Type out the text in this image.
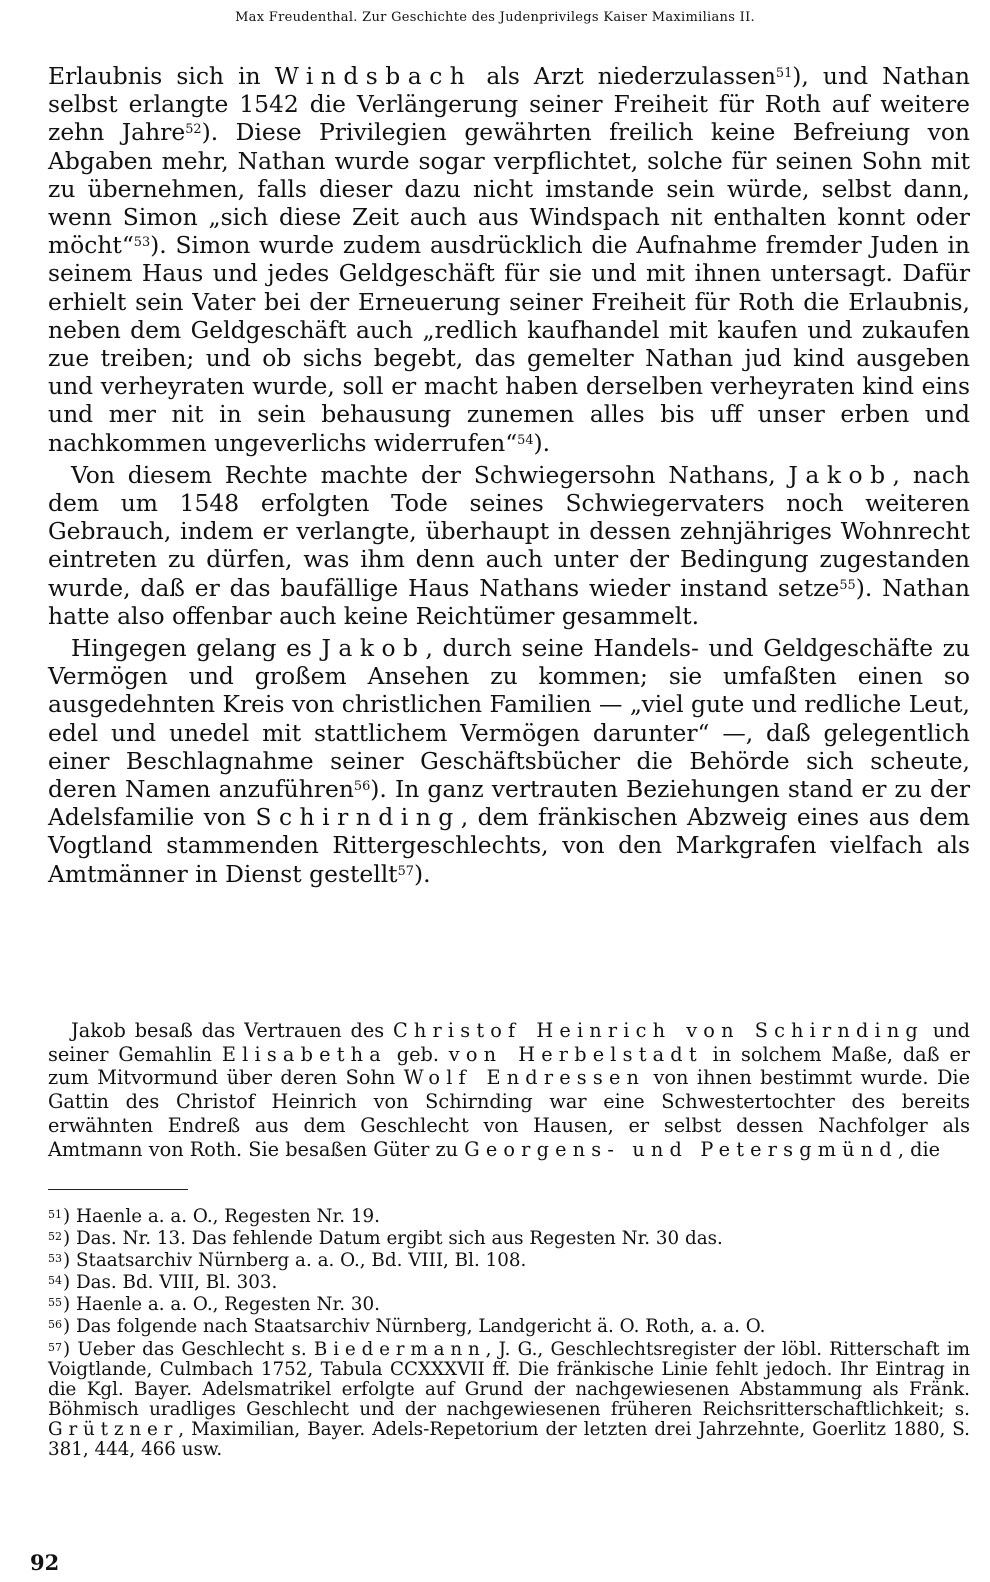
Max Freudenthal. Zur Geschichte des Judenprivilegs Kaiser Maximilians II.

Erlaubnis sich in Windsbach als Arzt niederzulassen$^{51}$), und Nathan selbst erlangte 1542 die Verlängerung seiner Freiheit für Roth auf weitere zehn Jahre$^{52}$). Diese Privilegien gewährten freilich keine Befreiung von Abgaben mehr, Nathan wurde sogar verpflichtet, solche für seinen Sohn mit zu übernehmen, falls dieser dazu nicht imstande sein würde, selbst dann, wenn Simon „sich diese Zeit auch aus Windspach nit enthalten konnt oder möcht“$^{53}$). Simon wurde zudem ausdrücklich die Aufnahme fremder Juden in seinem Haus und jedes Geldgeschäft für sie und mit ihnen untersagt. Dafür erhielt sein Vater bei der Erneuerung seiner Freiheit für Roth die Erlaubnis, neben dem Geldgeschäft auch „redlich kaufhandel mit kaufen und zukaufen zue treiben; und ob sichs begebt, das gemelter Nathan jud kind ausgeben und verheyraten wurde, soll er macht haben derselben verheyraten kind eins und mer nit in sein behausung zunemen alles bis uff unser erben und nachkommen ungeverlichs widerrufen“$^{54}$).

Von diesem Rechte machte der Schwiegersohn Nathans, Jakob, nach dem um 1548 erfolgten Tode seines Schwiegervaters noch weiteren Gebrauch, indem er verlangte, überhaupt in dessen zehnjähriges Wohnrecht eintreten zu dürfen, was ihm denn auch unter der Bedingung zugestanden wurde, daß er das baufällige Haus Nathans wieder instand setze$^{55}$). Nathan hatte also offenbar auch keine Reichtümer gesammelt.

Hingegen gelang es Jakob, durch seine Handels- und Geldgeschäfte zu Vermögen und großem Ansehen zu kommen; sie umfaßten einen so ausgedehnten Kreis von christlichen Familien — „viel gute und redliche Leut, edel und unedel mit stattlichem Vermögen darunter“ —, daß gelegentlich einer Beschlagnahme seiner Geschäftsbücher die Behörde sich scheute, deren Namen anzuführen$^{56}$). In ganz vertrauten Beziehungen stand er zu der Adelsfamilie von Schirnding, dem fränkischen Abzweig eines aus dem Vogtland stammenden Rittergeschlechts, von den Markgrafen vielfach als Amtmänner in Dienst gestellt$^{57}$).

Jakob besaß das Vertrauen des Christof Heinrich von Schirnding und seiner Gemahlin Elisabetha geb. von Herbelstadt in solchem Maße, daß er zum Mitvormund über deren Sohn Wolf Endressen von ihnen bestimmt wurde. Die Gattin des Christof Heinrich von Schirnding war eine Schwestertochter des bereits erwähnten Endreß aus dem Geschlecht von Hausen, er selbst dessen Nachfolger als Amtmann von Roth. Sie besaßen Güter zu Georgens- und Petersgmünd, die

$^{51}$) Haenle a. a. O., Regesten Nr. 19.

$^{52}$) Das. Nr. 13. Das fehlende Datum ergibt sich aus Regesten Nr. 30 das.

$^{53}$) Staatsarchiv Nürnberg a. a. O., Bd. VIII, Bl. 108.

$^{54}$) Das. Bd. VIII, Bl. 303.

$^{55}$) Haenle a. a. O., Regesten Nr. 30.

$^{56}$) Das folgende nach Staatsarchiv Nürnberg, Landgericht ä. O. Roth, a. a. O.

$^{57}$) Ueber das Geschlecht s. Biedermann, J. G., Geschlechtsregister der löbl. Ritterschaft im Voigtlande, Culmbach 1752, Tabula CCXXXVII ff. Die fränkische Linie fehlt jedoch. Ihr Eintrag in die Kgl. Bayer. Adelsmatrikel erfolgte auf Grund der nachgewiesenen Abstammung als Fränk. Böhmisch uradliges Geschlecht und der nachgewiesenen früheren Reichsritterschaftlichkeit; s. Grützner, Maximilian, Bayer. Adels-Repetorium der letzten drei Jahrzehnte, Goerlitz 1880, S. 381, 444, 466 usw.

92
